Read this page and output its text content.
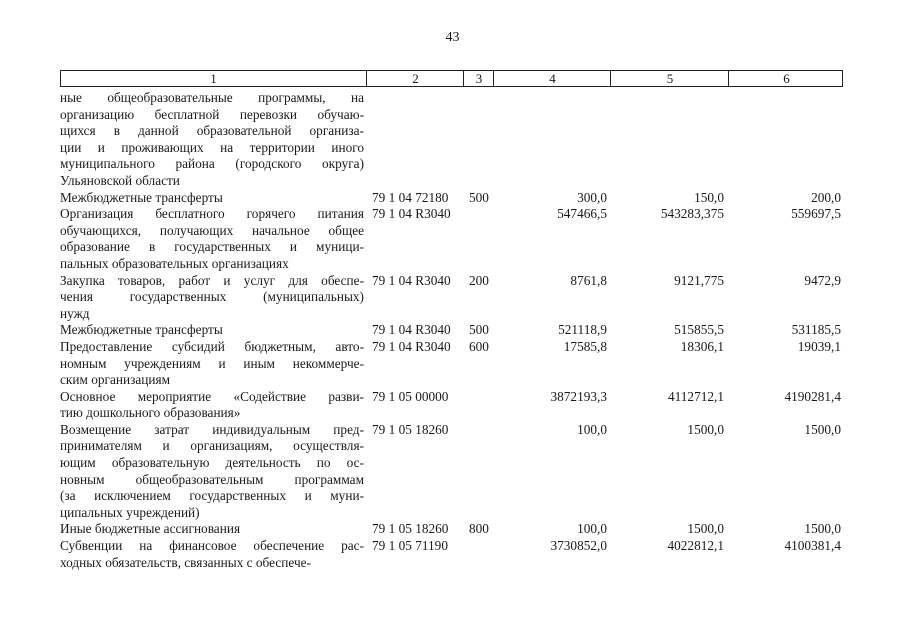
43
1	2	3	4	5	6
ные общеобразовательные программы, на
организацию бесплатной перевозки обучаю-
щихся в данной образовательной организа-
ции и проживающих на территории иного
муниципального района (городского округа)
Ульяновской области
Межбюджетные трансферты	79 1 04 72180 500	300,0	150,0	200,0
Организация бесплатного горячего питания
обучающихся, получающих начальное общее
образование в государственных и муници-
пальных образовательных организациях
79 1 04 R3040	547466,5	543283,375	559697,5
Закупка товаров, работ и услуг для обеспе-
чения государственных (муниципальных)
нужд
79 1 04 R3040 200	8761,8	9121,775	9472,9
Межбюджетные трансферты	79 1 04 R3040 500	521118,9	515855,5	531185,5
Предоставление субсидий бюджетным, авто-
номным учреждениям и иным некоммерче-
ским организациям
79 1 04 R3040 600	17585,8	18306,1	19039,1
Основное мероприятие «Содействие разви-
тию дошкольного образования»
79 1 05 00000	3872193,3	4112712,1	4190281,4
Возмещение затрат индивидуальным пред-
принимателям и организациям, осуществля-
ющим образовательную деятельность по ос-
новным общеобразовательным программам
(за исключением государственных и муни-
ципальных учреждений)
79 1 05 18260	100,0	1500,0	1500,0
Иные бюджетные ассигнования	79 1 05 18260 800	100,0	1500,0	1500,0
Субвенции на финансовое обеспечение рас-
ходных обязательств, связанных с обеспече-
79 1 05 71190	3730852,0	4022812,1	4100381,4
